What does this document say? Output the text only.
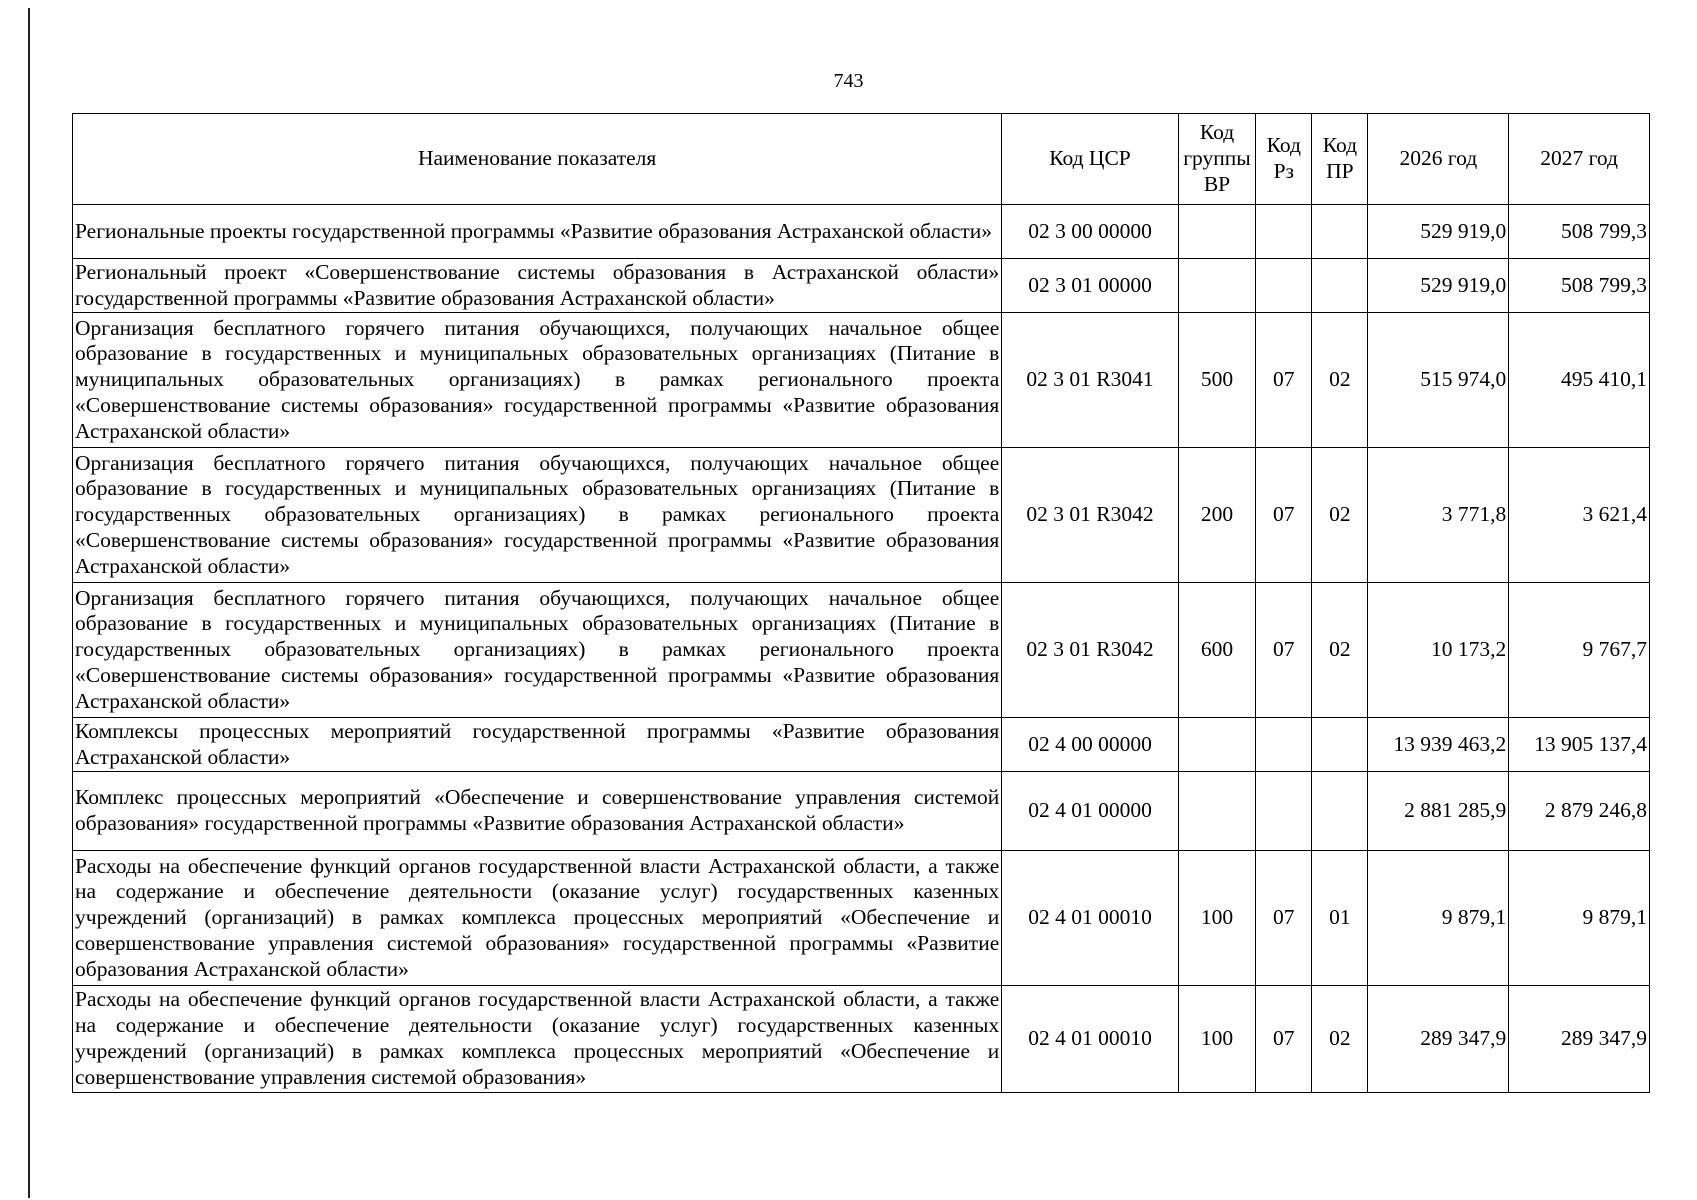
743
Наименование показателя	Код ЦСР	Код группы ВР	Код Рз	Код ПР	2026 год	2027 год
Региональные проекты государственной программы «Развитие образования Астраханской области»	02 3 00 00000				529 919,0	508 799,3
Региональный проект «Совершенствование системы образования в Астраханской области» государственной программы «Развитие образования Астраханской области»	02 3 01 00000				529 919,0	508 799,3
Организация бесплатного горячего питания обучающихся, получающих начальное общее образование в государственных и муниципальных образовательных организациях (Питание в муниципальных образовательных организациях) в рамках регионального проекта «Совершенствование системы образования» государственной программы «Развитие образования Астраханской области»	02 3 01 R3041	500	07	02	515 974,0	495 410,1
Организация бесплатного горячего питания обучающихся, получающих начальное общее образование в государственных и муниципальных образовательных организациях (Питание в государственных образовательных организациях) в рамках регионального проекта «Совершенствование системы образования» государственной программы «Развитие образования Астраханской области»	02 3 01 R3042	200	07	02	3 771,8	3 621,4
Организация бесплатного горячего питания обучающихся, получающих начальное общее образование в государственных и муниципальных образовательных организациях (Питание в государственных образовательных организациях) в рамках регионального проекта «Совершенствование системы образования» государственной программы «Развитие образования Астраханской области»	02 3 01 R3042	600	07	02	10 173,2	9 767,7
Комплексы процессных мероприятий государственной программы «Развитие образования Астраханской области»	02 4 00 00000				13 939 463,2	13 905 137,4
Комплекс процессных мероприятий «Обеспечение и совершенствование управления системой образования» государственной программы «Развитие образования Астраханской области»	02 4 01 00000				2 881 285,9	2 879 246,8
Расходы на обеспечение функций органов государственной власти Астраханской области, а также на содержание и обеспечение деятельности (оказание услуг) государственных казенных учреждений (организаций) в рамках комплекса процессных мероприятий «Обеспечение и совершенствование управления системой образования» государственной программы «Развитие образования Астраханской области»	02 4 01 00010	100	07	01	9 879,1	9 879,1
Расходы на обеспечение функций органов государственной власти Астраханской области, а также на содержание и обеспечение деятельности (оказание услуг) государственных казенных учреждений (организаций) в рамках комплекса процессных мероприятий «Обеспечение и совершенствование управления системой образования»	02 4 01 00010	100	07	02	289 347,9	289 347,9
